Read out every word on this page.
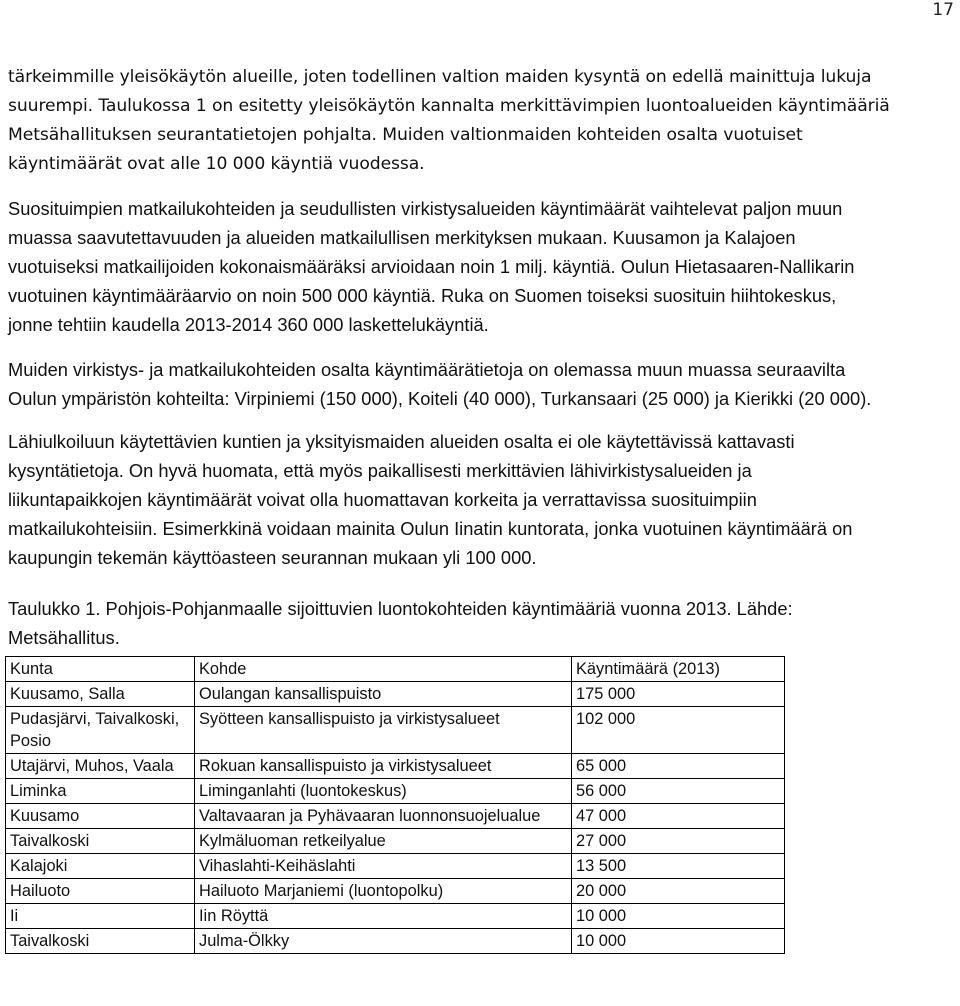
17

tärkeimmille yleisökäytön alueille, joten todellinen valtion maiden kysyntä on edellä mainittuja lukuja
suurempi. Taulukossa 1 on esitetty yleisökäytön kannalta merkittävimpien luontoalueiden käyntimääriä
Metsähallituksen seurantatietojen pohjalta. Muiden valtionmaiden kohteiden osalta vuotuiset
käyntimäärät ovat alle 10 000 käyntiä vuodessa.

Suosituimpien matkailukohteiden ja seudullisten virkistysalueiden käyntimäärät vaihtelevat paljon muun
muassa saavutettavuuden ja alueiden matkailullisen merkityksen mukaan. Kuusamon ja Kalajoen
vuotuiseksi matkailijoiden kokonaismääräksi arvioidaan noin 1 milj. käyntiä. Oulun Hietasaaren-Nallikarin
vuotuinen käyntimääräarvio on noin 500 000 käyntiä. Ruka on Suomen toiseksi suosituin hiihtokeskus,
jonne tehtiin kaudella 2013-2014 360 000 laskettelukäyntiä.

Muiden virkistys- ja matkailukohteiden osalta käyntimäärätietoja on olemassa muun muassa seuraavilta
Oulun ympäristön kohteilta: Virpiniemi (150 000), Koiteli (40 000), Turkansaari (25 000) ja Kierikki (20 000).

Lähiulkoiluun käytettävien kuntien ja yksityismaiden alueiden osalta ei ole käytettävissä kattavasti
kysyntätietoja. On hyvä huomata, että myös paikallisesti merkittävien lähivirkistysalueiden ja
liikuntapaikkojen käyntimäärät voivat olla huomattavan korkeita ja verrattavissa suosituimpiin
matkailukohteisiin. Esimerkkinä voidaan mainita Oulun Iinatin kuntorata, jonka vuotuinen käyntimäärä on
kaupungin tekemän käyttöasteen seurannan mukaan yli 100 000.

Taulukko 1. Pohjois-Pohjanmaalle sijoittuvien luontokohteiden käyntimääriä vuonna 2013. Lähde:
Metsähallitus.

Kunta	Kohde	Käyntimäärä (2013)
Kuusamo, Salla	Oulangan kansallispuisto	175 000
Pudasjärvi, Taivalkoski, Posio	Syötteen kansallispuisto ja virkistysalueet	102 000
Utajärvi, Muhos, Vaala	Rokuan kansallispuisto ja virkistysalueet	65 000
Liminka	Liminganlahti (luontokeskus)	56 000
Kuusamo	Valtavaaran ja Pyhävaaran luonnonsuojelualue	47 000
Taivalkoski	Kylmäluoman retkeilyalue	27 000
Kalajoki	Vihaslahti-Keihäslahti	13 500
Hailuoto	Hailuoto Marjaniemi (luontopolku)	20 000
Ii	Iin Röyttä	10 000
Taivalkoski	Julma-Ölkky	10 000
